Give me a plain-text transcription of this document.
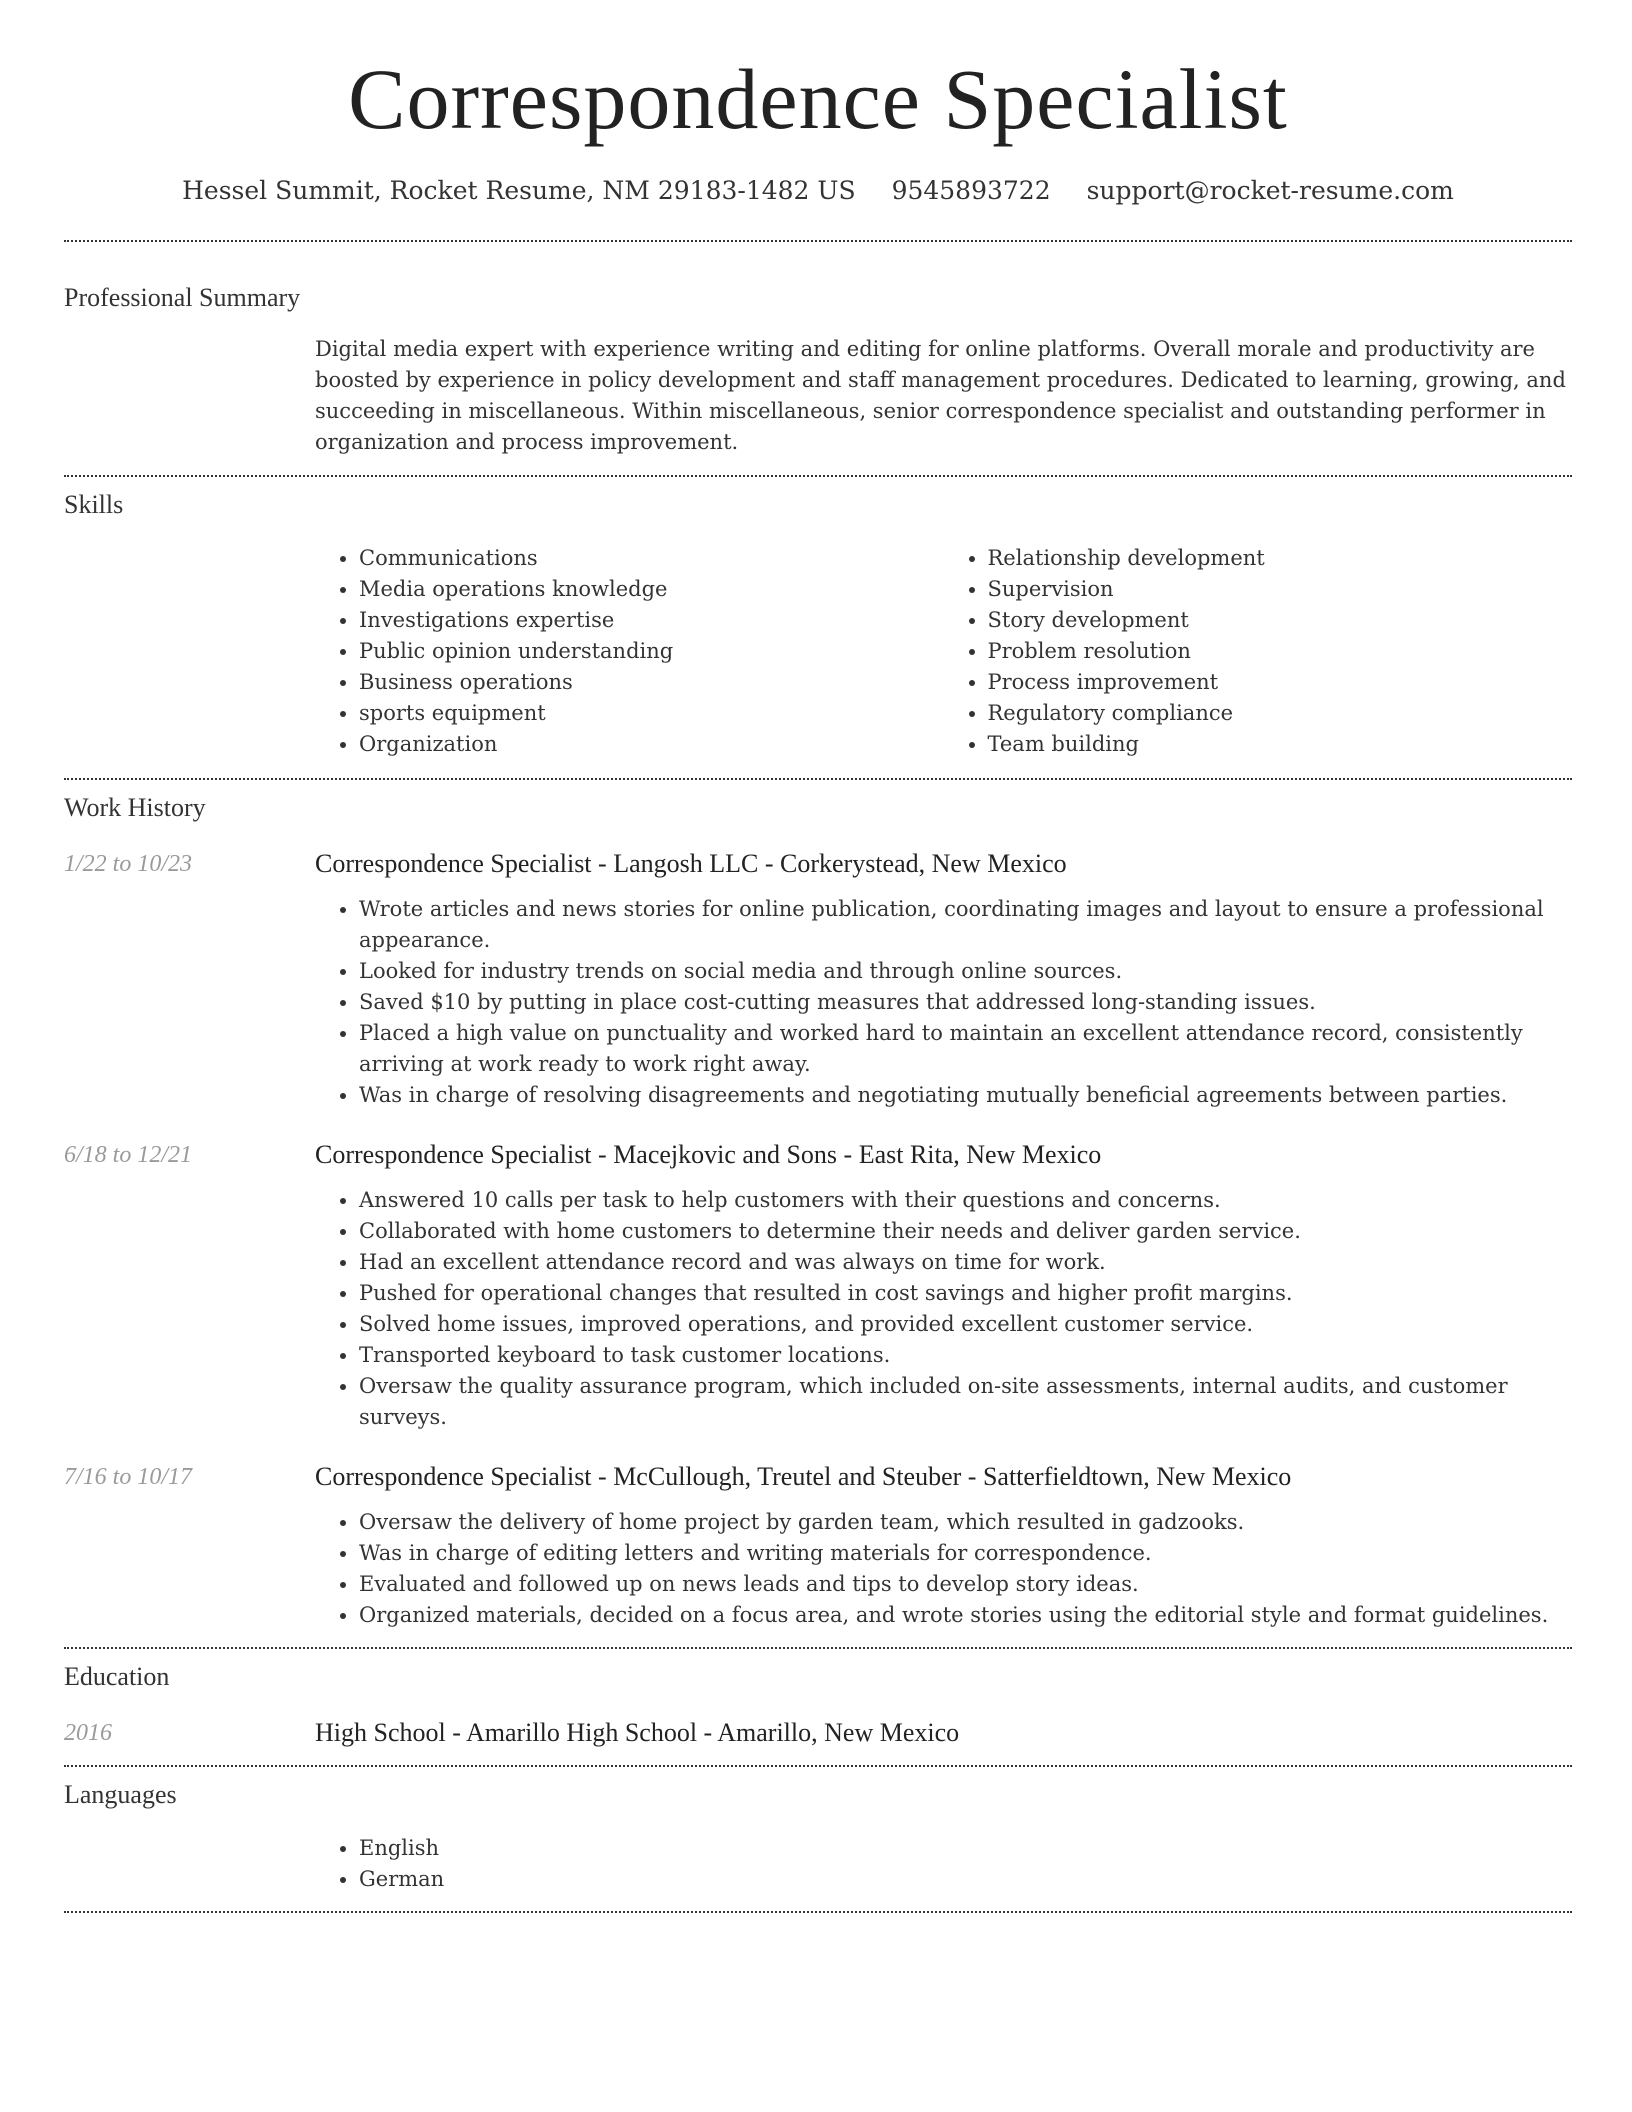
Correspondence Specialist
Hessel Summit, Rocket Resume, NM 29183-1482 US 9545893722 support@rocket-resume.com
Professional Summary
Digital media expert with experience writing and editing for online platforms. Overall morale and productivity are boosted by experience in policy development and staff management procedures. Dedicated to learning, growing, and succeeding in miscellaneous. Within miscellaneous, senior correspondence specialist and outstanding performer in organization and process improvement.
Skills
• Communications
• Media operations knowledge
• Investigations expertise
• Public opinion understanding
• Business operations
• sports equipment
• Organization
• Relationship development
• Supervision
• Story development
• Problem resolution
• Process improvement
• Regulatory compliance
• Team building
Work History
1/22 to 10/23	Correspondence Specialist - Langosh LLC - Corkerystead, New Mexico
• Wrote articles and news stories for online publication, coordinating images and layout to ensure a professional appearance.
• Looked for industry trends on social media and through online sources.
• Saved $10 by putting in place cost-cutting measures that addressed long-standing issues.
• Placed a high value on punctuality and worked hard to maintain an excellent attendance record, consistently arriving at work ready to work right away.
• Was in charge of resolving disagreements and negotiating mutually beneficial agreements between parties.
6/18 to 12/21	Correspondence Specialist - Macejkovic and Sons - East Rita, New Mexico
• Answered 10 calls per task to help customers with their questions and concerns.
• Collaborated with home customers to determine their needs and deliver garden service.
• Had an excellent attendance record and was always on time for work.
• Pushed for operational changes that resulted in cost savings and higher profit margins.
• Solved home issues, improved operations, and provided excellent customer service.
• Transported keyboard to task customer locations.
• Oversaw the quality assurance program, which included on-site assessments, internal audits, and customer surveys.
7/16 to 10/17	Correspondence Specialist - McCullough, Treutel and Steuber - Satterfieldtown, New Mexico
• Oversaw the delivery of home project by garden team, which resulted in gadzooks.
• Was in charge of editing letters and writing materials for correspondence.
• Evaluated and followed up on news leads and tips to develop story ideas.
• Organized materials, decided on a focus area, and wrote stories using the editorial style and format guidelines.
Education
2016	High School - Amarillo High School - Amarillo, New Mexico
Languages
• English
• German
